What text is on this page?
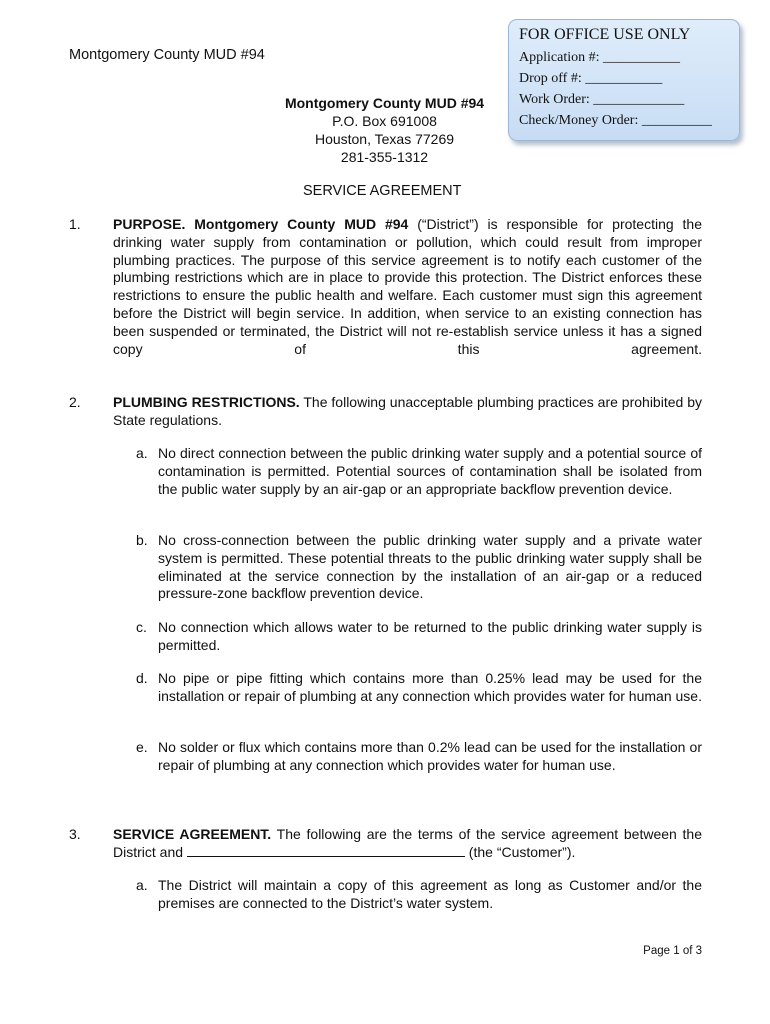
FOR OFFICE USE ONLY
Application #: ___________
Drop off #: ___________
Work Order: _____________
Check/Money Order: __________
Montgomery County MUD #94
Montgomery County MUD #94
P.O. Box 691008
Houston, Texas 77269
281-355-1312
SERVICE AGREEMENT
1. PURPOSE. Montgomery County MUD #94 (“District”) is responsible for protecting the drinking water supply from contamination or pollution, which could result from improper plumbing practices. The purpose of this service agreement is to notify each customer of the plumbing restrictions which are in place to provide this protection. The District enforces these restrictions to ensure the public health and welfare. Each customer must sign this agreement before the District will begin service. In addition, when service to an existing connection has been suspended or terminated, the District will not re-establish service unless it has a signed copy of this agreement.

2. PLUMBING RESTRICTIONS. The following unacceptable plumbing practices are prohibited by State regulations.

a. No direct connection between the public drinking water supply and a potential source of contamination is permitted. Potential sources of contamination shall be isolated from the public water supply by an air-gap or an appropriate backflow prevention device.
b. No cross-connection between the public drinking water supply and a private water system is permitted. These potential threats to the public drinking water supply shall be eliminated at the service connection by the installation of an air-gap or a reduced pressure-zone backflow prevention device.
c. No connection which allows water to be returned to the public drinking water supply is permitted.
d. No pipe or pipe fitting which contains more than 0.25% lead may be used for the installation or repair of plumbing at any connection which provides water for human use.
e. No solder or flux which contains more than 0.2% lead can be used for the installation or repair of plumbing at any connection which provides water for human use.
3. SERVICE AGREEMENT. The following are the terms of the service agreement between the District and	(the “Customer”).

a. The District will maintain a copy of this agreement as long as Customer and/or the premises are connected to the District’s water system.
Page 1 of 3
